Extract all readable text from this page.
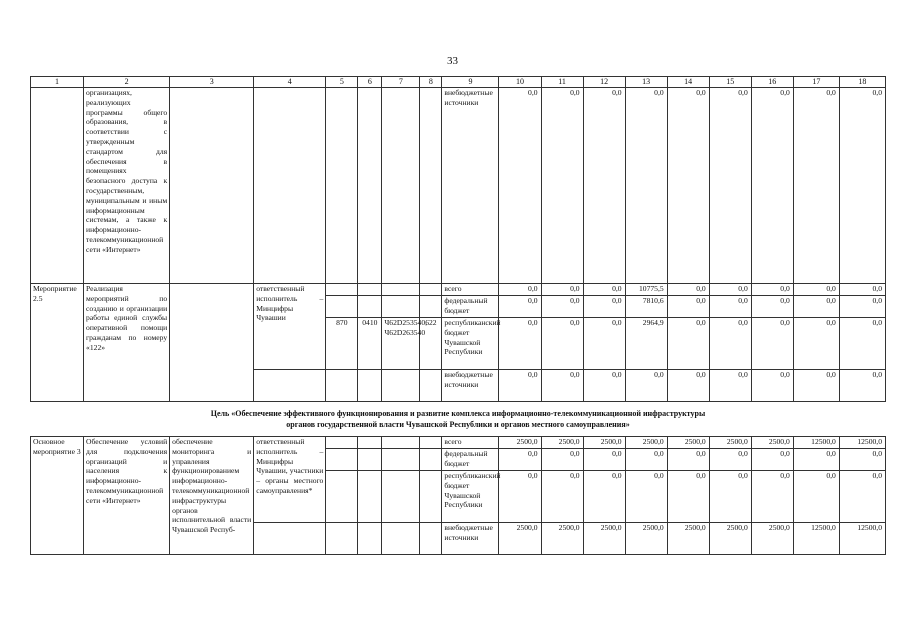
33
1	2	3	4	5	6	7	8	9	10	11	12	13	14	15	16	17	18
	организациях, реализующих программы общего образования, в соответствии с утвержденным стандартом для обеспечения в помещениях безопасного доступа к государственным, муниципальным и иным информационным системам, а также к информационно-телекоммуникационной сети «Интернет»							внебюджетные источники	0,0	0,0	0,0	0,0	0,0	0,0	0,0	0,0	0,0
Мероприятие 2.5	Реализация мероприятий по созданию и организации работы единой службы оперативной помощи гражданам по номеру «122»		ответственный исполнитель – Минцифры Чувашии					всего	0,0	0,0	0,0	10775,5	0,0	0,0	0,0	0,0	0,0
								федеральный бюджет	0,0	0,0	0,0	7810,6	0,0	0,0	0,0	0,0	0,0
				870	0410	Ч62D253540, Ч62D263540	622	республиканский бюджет Чувашской Республики	0,0	0,0	0,0	2964,9	0,0	0,0	0,0	0,0	0,0
								внебюджетные источники	0,0	0,0	0,0	0,0	0,0	0,0	0,0	0,0	0,0
Цель «Обеспечение эффективного функционирования и развитие комплекса информационно-телекоммуникационной инфраструктуры
органов государственной власти Чувашской Республики и органов местного самоуправления»																	
Основное мероприятие 3	Обеспечение условий для подключения организаций и населения к информационно-телекоммуникационной сети «Интернет»	обеспечение мониторинга и управления функционированием информационно-телекоммуникационной инфраструктуры органов исполнительной власти Чувашской Респуб-	ответственный исполнитель – Минцифры Чувашии, участники – органы местного самоуправления*					всего	2500,0	2500,0	2500,0	2500,0	2500,0	2500,0	2500,0	12500,0	12500,0
								федеральный бюджет	0,0	0,0	0,0	0,0	0,0	0,0	0,0	0,0	0,0
								республиканский бюджет Чувашской Республики	0,0	0,0	0,0	0,0	0,0	0,0	0,0	0,0	0,0
								внебюджетные источники	2500,0	2500,0	2500,0	2500,0	2500,0	2500,0	2500,0	12500,0	12500,0
